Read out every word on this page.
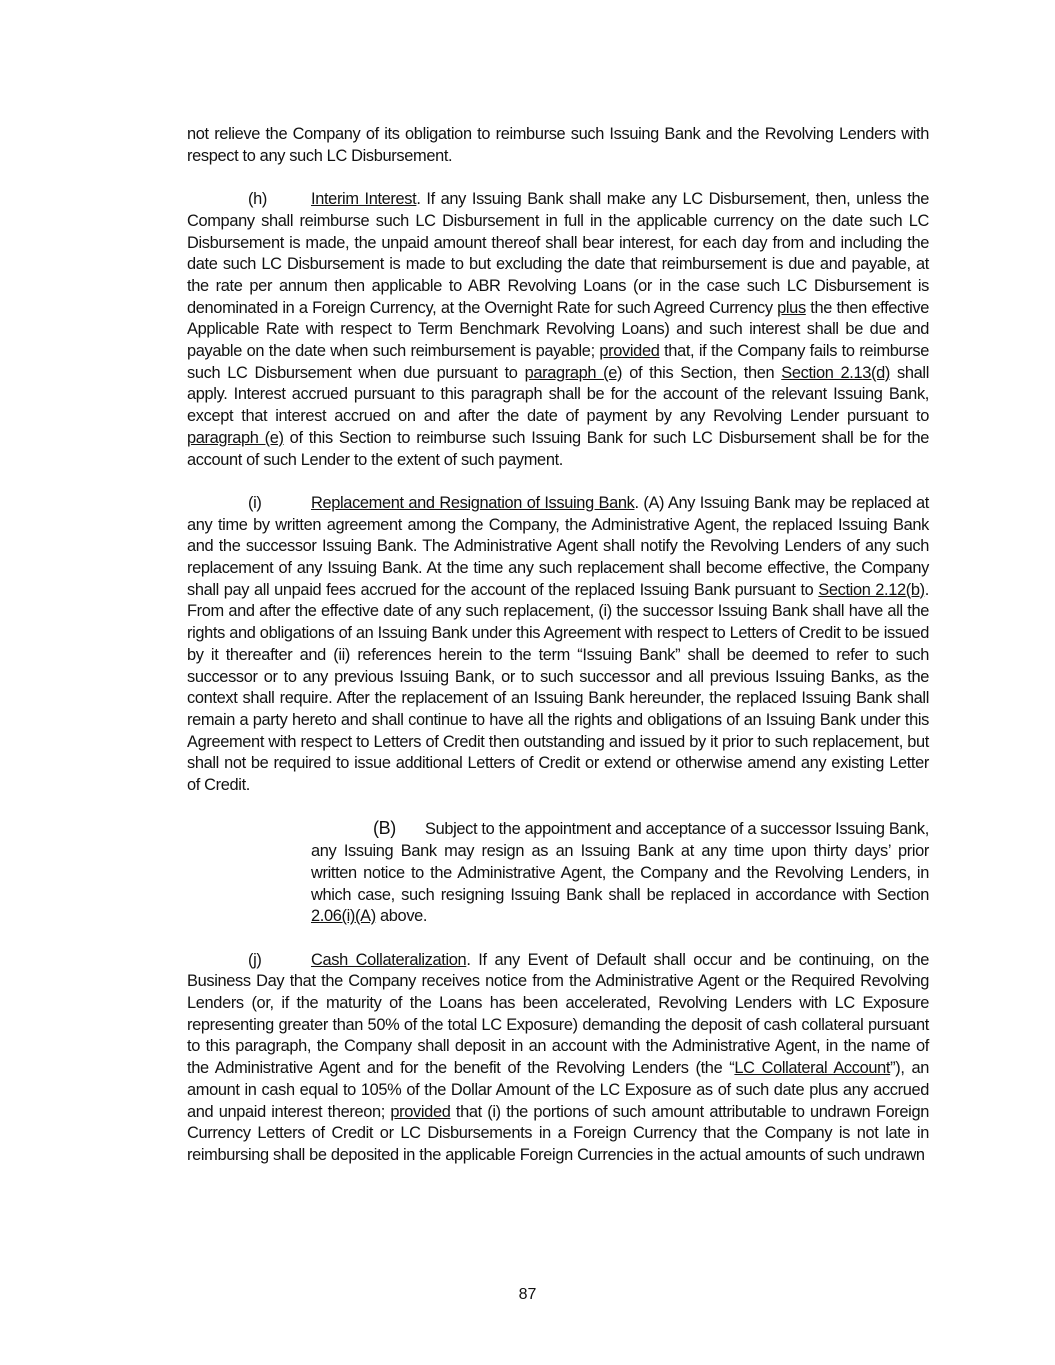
not relieve the Company of its obligation to reimburse such Issuing Bank and the Revolving Lenders with respect to any such LC Disbursement.

(h)	Interim Interest. If any Issuing Bank shall make any LC Disbursement, then, unless the Company shall reimburse such LC Disbursement in full in the applicable currency on the date such LC Disbursement is made, the unpaid amount thereof shall bear interest, for each day from and including the date such LC Disbursement is made to but excluding the date that reimbursement is due and payable, at the rate per annum then applicable to ABR Revolving Loans (or in the case such LC Disbursement is denominated in a Foreign Currency, at the Overnight Rate for such Agreed Currency plus the then effective Applicable Rate with respect to Term Benchmark Revolving Loans) and such interest shall be due and payable on the date when such reimbursement is payable; provided that, if the Company fails to reimburse such LC Disbursement when due pursuant to paragraph (e) of this Section, then Section 2.13(d) shall apply. Interest accrued pursuant to this paragraph shall be for the account of the relevant Issuing Bank, except that interest accrued on and after the date of payment by any Revolving Lender pursuant to paragraph (e) of this Section to reimburse such Issuing Bank for such LC Disbursement shall be for the account of such Lender to the extent of such payment.

(i)	Replacement and Resignation of Issuing Bank. (A) Any Issuing Bank may be replaced at any time by written agreement among the Company, the Administrative Agent, the replaced Issuing Bank and the successor Issuing Bank. The Administrative Agent shall notify the Revolving Lenders of any such replacement of any Issuing Bank. At the time any such replacement shall become effective, the Company shall pay all unpaid fees accrued for the account of the replaced Issuing Bank pursuant to Section 2.12(b). From and after the effective date of any such replacement, (i) the successor Issuing Bank shall have all the rights and obligations of an Issuing Bank under this Agreement with respect to Letters of Credit to be issued by it thereafter and (ii) references herein to the term “Issuing Bank” shall be deemed to refer to such successor or to any previous Issuing Bank, or to such successor and all previous Issuing Banks, as the context shall require. After the replacement of an Issuing Bank hereunder, the replaced Issuing Bank shall remain a party hereto and shall continue to have all the rights and obligations of an Issuing Bank under this Agreement with respect to Letters of Credit then outstanding and issued by it prior to such replacement, but shall not be required to issue additional Letters of Credit or extend or otherwise amend any existing Letter of Credit.

(B) Subject to the appointment and acceptance of a successor Issuing Bank, any Issuing Bank may resign as an Issuing Bank at any time upon thirty days’ prior written notice to the Administrative Agent, the Company and the Revolving Lenders, in which case, such resigning Issuing Bank shall be replaced in accordance with Section 2.06(i)(A) above.

(j)	Cash Collateralization. If any Event of Default shall occur and be continuing, on the Business Day that the Company receives notice from the Administrative Agent or the Required Revolving Lenders (or, if the maturity of the Loans has been accelerated, Revolving Lenders with LC Exposure representing greater than 50% of the total LC Exposure) demanding the deposit of cash collateral pursuant to this paragraph, the Company shall deposit in an account with the Administrative Agent, in the name of the Administrative Agent and for the benefit of the Revolving Lenders (the “LC Collateral Account”), an amount in cash equal to 105% of the Dollar Amount of the LC Exposure as of such date plus any accrued and unpaid interest thereon; provided that (i) the portions of such amount attributable to undrawn Foreign Currency Letters of Credit or LC Disbursements in a Foreign Currency that the Company is not late in reimbursing shall be deposited in the applicable Foreign Currencies in the actual amounts of such undrawn

87
